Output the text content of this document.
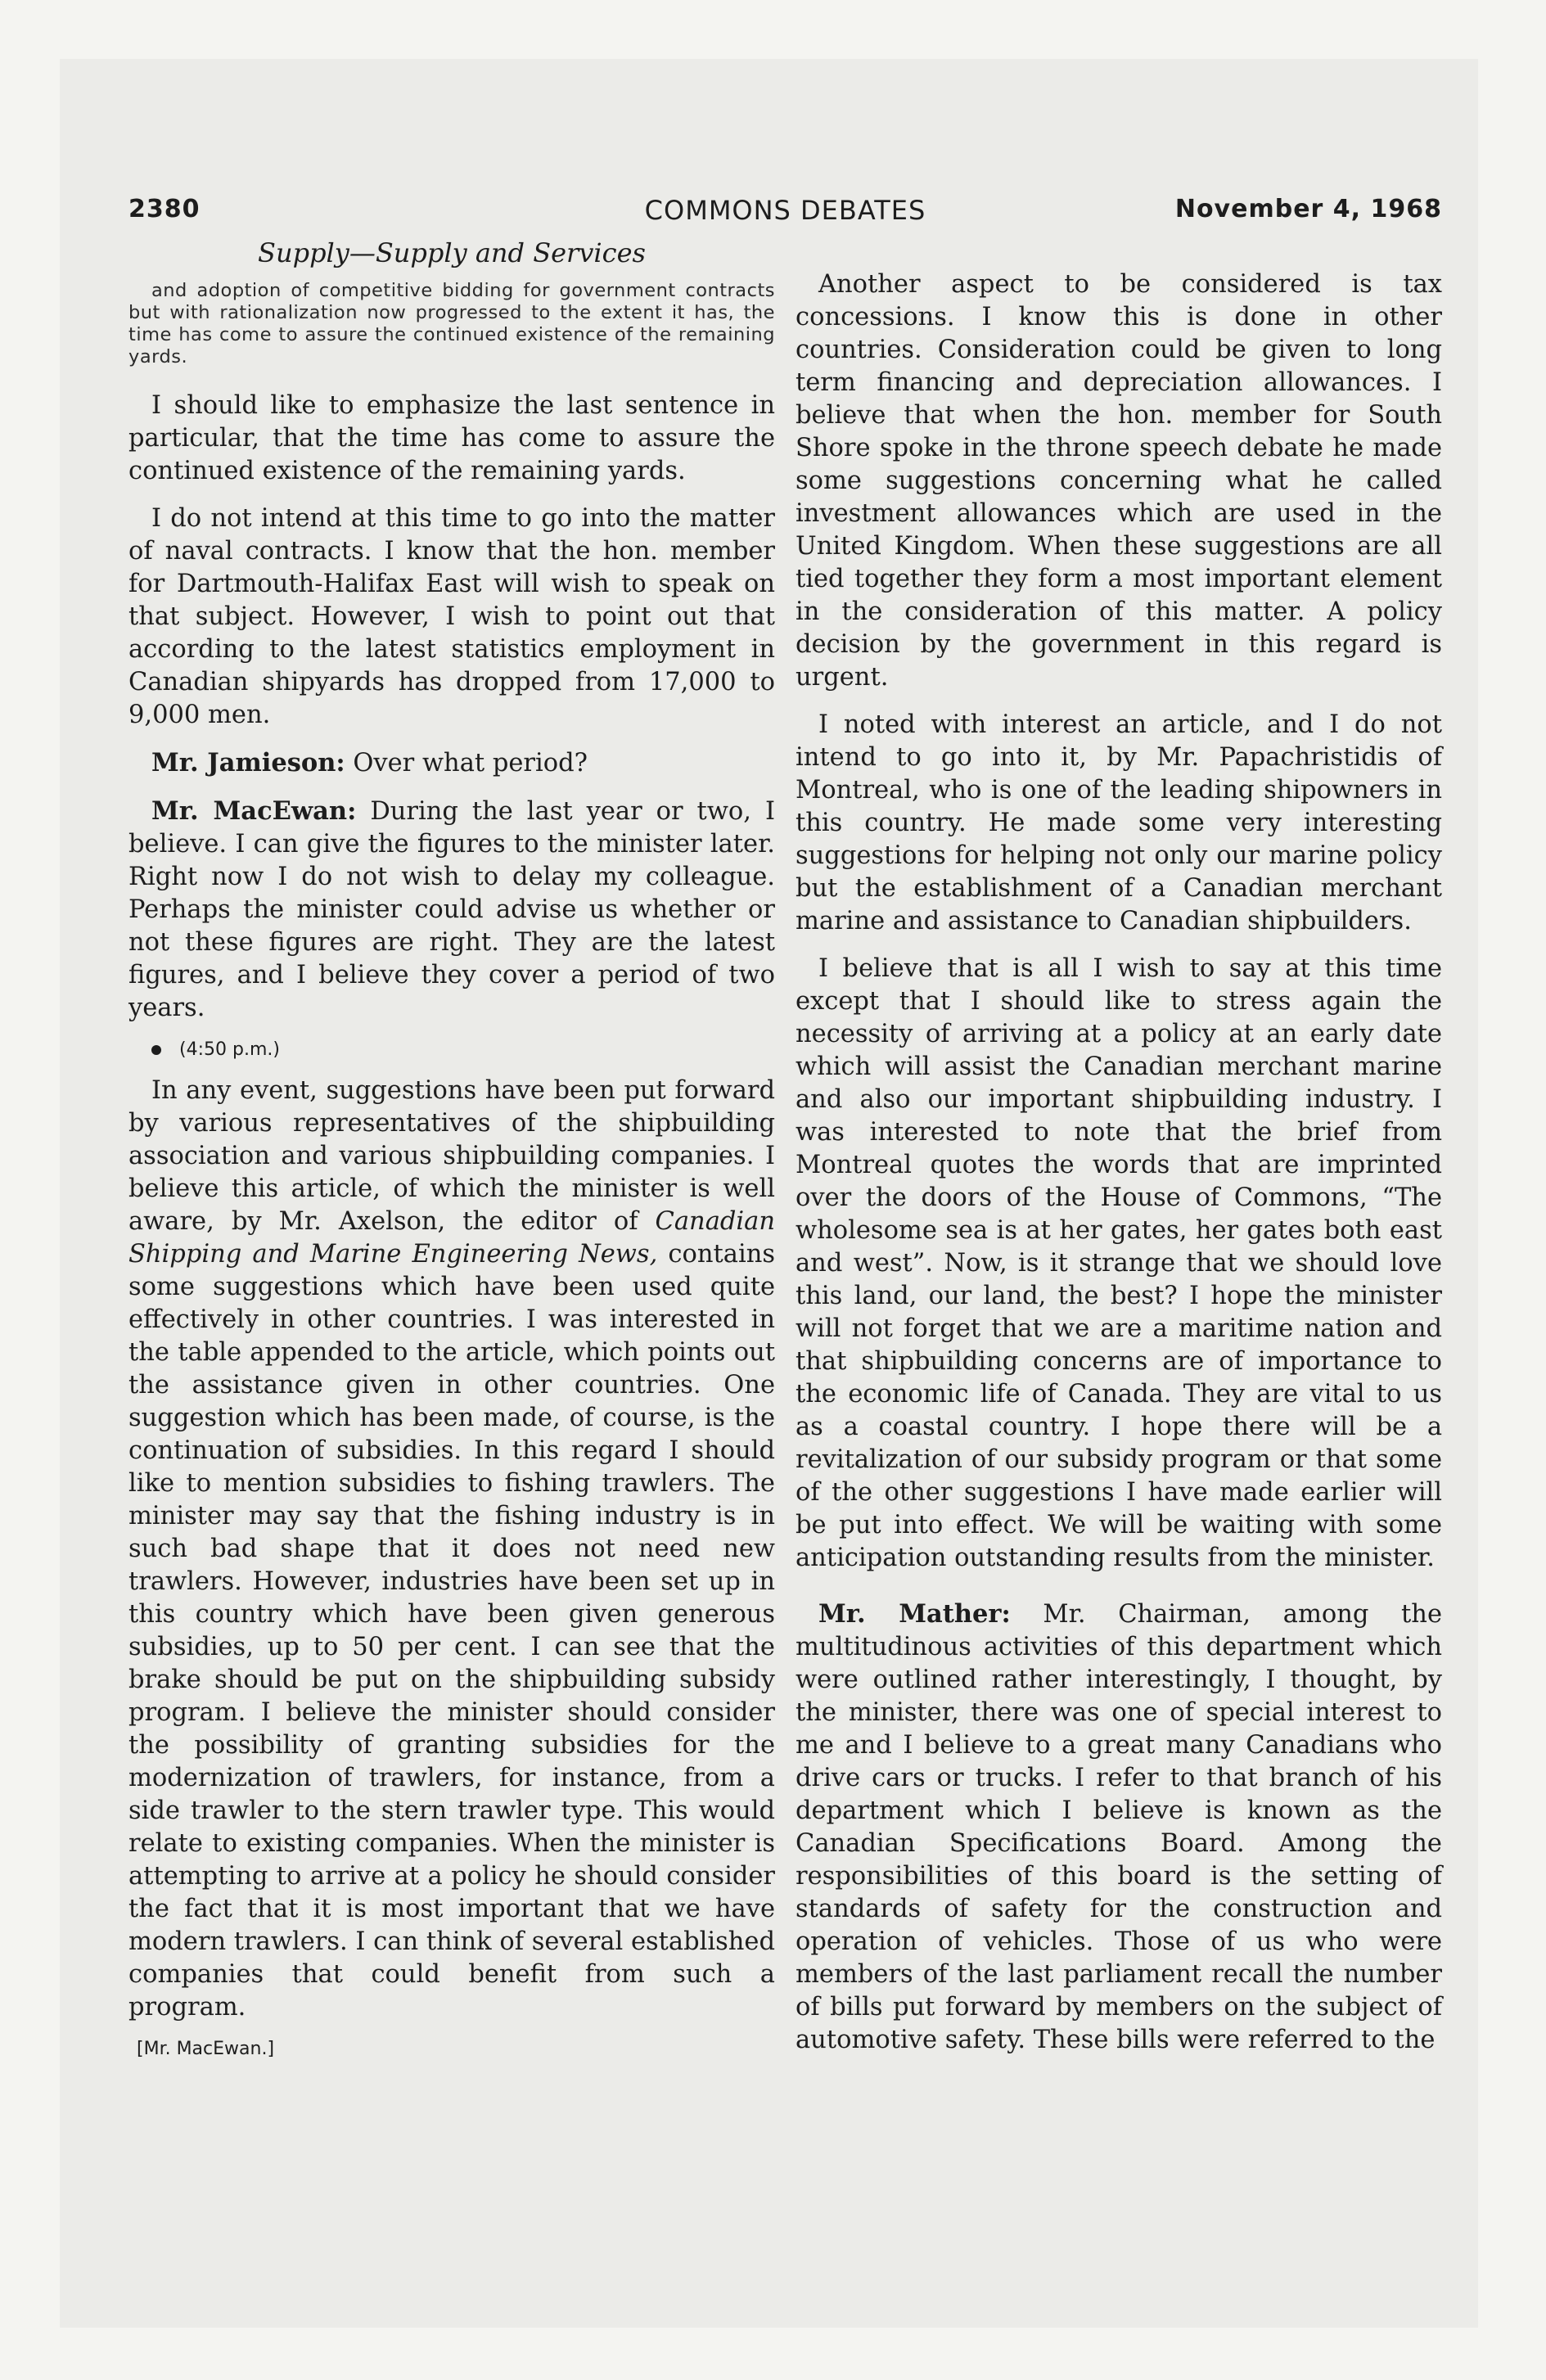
2380	COMMONS DEBATES	November 4, 1968
Supply—Supply and Services

and adoption of competitive bidding for government contracts but with rationalization now progressed to the extent it has, the time has come to assure the continued existence of the remaining yards.

I should like to emphasize the last sentence in particular, that the time has come to assure the continued existence of the remaining yards.

I do not intend at this time to go into the matter of naval contracts. I know that the hon. member for Dartmouth-Halifax East will wish to speak on that subject. However, I wish to point out that according to the latest statistics employment in Canadian shipyards has dropped from 17,000 to 9,000 men.

Mr. Jamieson: Over what period?

Mr. MacEwan: During the last year or two, I believe. I can give the figures to the minister later. Right now I do not wish to delay my colleague. Perhaps the minister could advise us whether or not these figures are right. They are the latest figures, and I believe they cover a period of two years.

(4:50 p.m.)

In any event, suggestions have been put forward by various representatives of the shipbuilding association and various shipbuilding companies. I believe this article, of which the minister is well aware, by Mr. Axelson, the editor of Canadian Shipping and Marine Engineering News, contains some suggestions which have been used quite effectively in other countries. I was interested in the table appended to the article, which points out the assistance given in other countries. One suggestion which has been made, of course, is the continuation of subsidies. In this regard I should like to mention subsidies to fishing trawlers. The minister may say that the fishing industry is in such bad shape that it does not need new trawlers. However, industries have been set up in this country which have been given generous subsidies, up to 50 per cent. I can see that the brake should be put on the shipbuilding subsidy program. I believe the minister should consider the possibility of granting subsidies for the modernization of trawlers, for instance, from a side trawler to the stern trawler type. This would relate to existing companies. When the minister is attempting to arrive at a policy he should consider the fact that it is most important that we have modern trawlers. I can think of several established companies that could benefit from such a program.

[Mr. MacEwan.]

Another aspect to be considered is tax concessions. I know this is done in other countries. Consideration could be given to long term financing and depreciation allowances. I believe that when the hon. member for South Shore spoke in the throne speech debate he made some suggestions concerning what he called investment allowances which are used in the United Kingdom. When these suggestions are all tied together they form a most important element in the consideration of this matter. A policy decision by the government in this regard is urgent.

I noted with interest an article, and I do not intend to go into it, by Mr. Papachristidis of Montreal, who is one of the leading shipowners in this country. He made some very interesting suggestions for helping not only our marine policy but the establishment of a Canadian merchant marine and assistance to Canadian shipbuilders.

I believe that is all I wish to say at this time except that I should like to stress again the necessity of arriving at a policy at an early date which will assist the Canadian merchant marine and also our important shipbuilding industry. I was interested to note that the brief from Montreal quotes the words that are imprinted over the doors of the House of Commons, “The wholesome sea is at her gates, her gates both east and west”. Now, is it strange that we should love this land, our land, the best? I hope the minister will not forget that we are a maritime nation and that shipbuilding concerns are of importance to the economic life of Canada. They are vital to us as a coastal country. I hope there will be a revitalization of our subsidy program or that some of the other suggestions I have made earlier will be put into effect. We will be waiting with some anticipation outstanding results from the minister.

Mr. Mather: Mr. Chairman, among the multitudinous activities of this department which were outlined rather interestingly, I thought, by the minister, there was one of special interest to me and I believe to a great many Canadians who drive cars or trucks. I refer to that branch of his department which I believe is known as the Canadian Specifications Board. Among the responsibilities of this board is the setting of standards of safety for the construction and operation of vehicles. Those of us who were members of the last parliament recall the number of bills put forward by members on the subject of automotive safety. These bills were referred to the
